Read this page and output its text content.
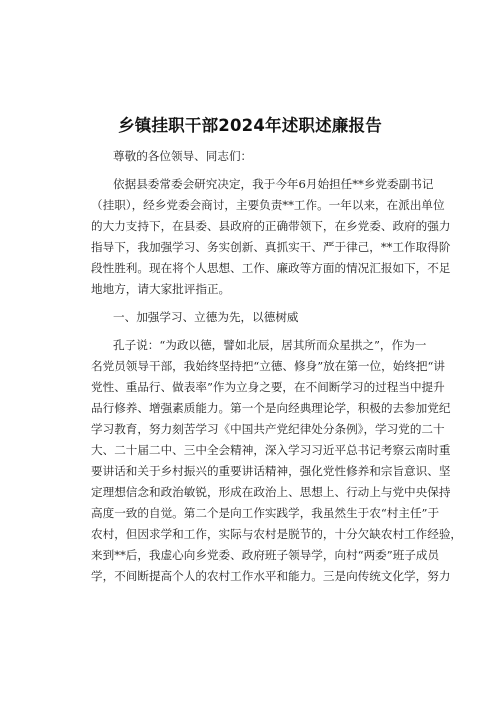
乡镇挂职干部2024年述职述廉报告
尊敬的各位领导、同志们：
依据县委常委会研究决定，我于今年6月始担任**乡党委副书记
（挂职），经乡党委会商讨，主要负责**工作。一年以来，在派出单位
的大力支持下，在县委、县政府的正确带领下，在乡党委、政府的强力
指导下，我加强学习、务实创新、真抓实干、严于律己，**工作取得阶
段性胜利。现在将个人思想、工作、廉政等方面的情况汇报如下，不足
地地方，请大家批评指正。
一、加强学习、立德为先，以德树威
孔子说：“为政以德，譬如北辰，居其所而众星拱之”，作为一
名党员领导干部，我始终坚持把“立德、修身”放在第一位，始终把“讲
党性、重品行、做表率”作为立身之要，在不间断学习的过程当中提升
品行修养、增强素质能力。第一个是向经典理论学，积极的去参加党纪
学习教育，努力刻苦学习《中国共产党纪律处分条例》，学习党的二十
大、二十届二中、三中全会精神，深入学习习近平总书记考察云南时重
要讲话和关于乡村振兴的重要讲话精神，强化党性修养和宗旨意识、坚
定理想信念和政治敏锐，形成在政治上、思想上、行动上与党中央保持
高度一致的自觉。第二个是向工作实践学，我虽然生于农“村主任”于
农村，但因求学和工作，实际与农村是脱节的，十分欠缺农村工作经验，
来到**后，我虚心向乡党委、政府班子领导学，向村“两委”班子成员
学，不间断提高个人的农村工作水平和能力。三是向传统文化学，努力
